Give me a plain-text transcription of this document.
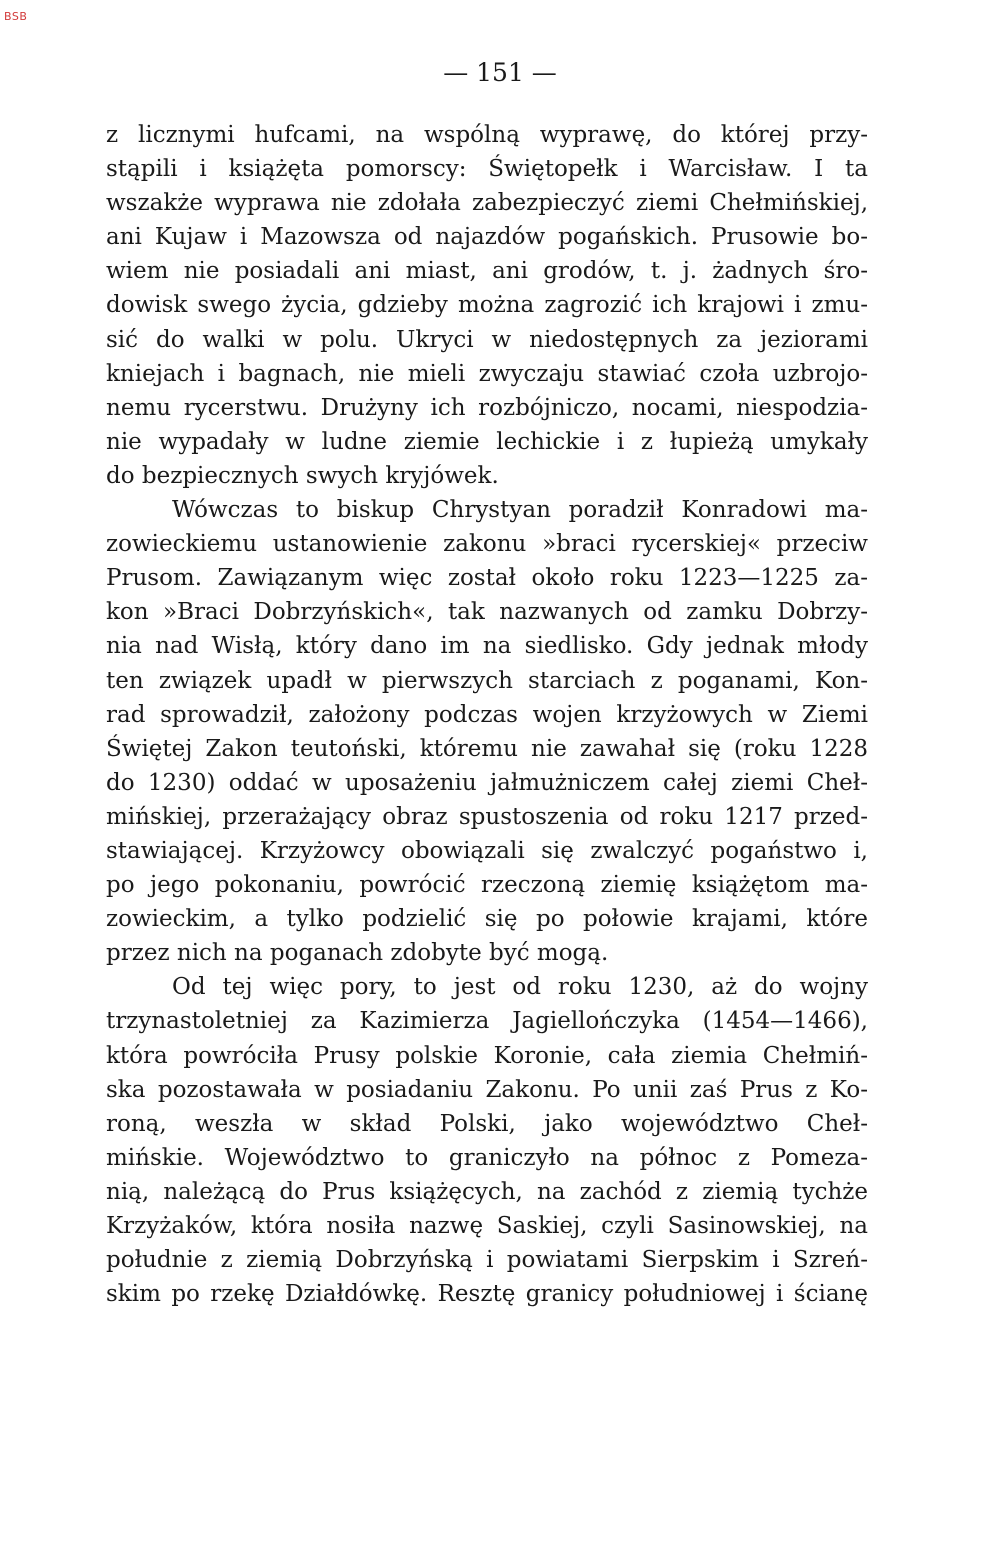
BSB
— 151 —
z licznymi hufcami, na wspólną wyprawę, do której przy-
stąpili i książęta pomorscy: Świętopełk i Warcisław. I ta
wszakże wyprawa nie zdołała zabezpieczyć ziemi Chełmińskiej,
ani Kujaw i Mazowsza od najazdów pogańskich. Prusowie bo-
wiem nie posiadali ani miast, ani grodów, t. j. żadnych śro-
dowisk swego życia, gdzieby można zagrozić ich krajowi i zmu-
sić do walki w polu. Ukryci w niedostępnych za jeziorami
kniejach i bagnach, nie mieli zwyczaju stawiać czoła uzbrojo-
nemu rycerstwu. Drużyny ich rozbójniczo, nocami, niespodzia-
nie wypadały w ludne ziemie lechickie i z łupieżą umykały
do bezpiecznych swych kryjówek.
Wówczas to biskup Chrystyan poradził Konradowi ma-
zowieckiemu ustanowienie zakonu »braci rycerskiej« przeciw
Prusom. Zawiązanym więc został około roku 1223—1225 za-
kon »Braci Dobrzyńskich«, tak nazwanych od zamku Dobrzy-
nia nad Wisłą, który dano im na siedlisko. Gdy jednak młody
ten związek upadł w pierwszych starciach z poganami, Kon-
rad sprowadził, założony podczas wojen krzyżowych w Ziemi
Świętej Zakon teutoński, któremu nie zawahał się (roku 1228
do 1230) oddać w uposażeniu jałmużniczem całej ziemi Cheł-
mińskiej, przerażający obraz spustoszenia od roku 1217 przed-
stawiającej. Krzyżowcy obowiązali się zwalczyć pogaństwo i,
po jego pokonaniu, powrócić rzeczoną ziemię książętom ma-
zowieckim, a tylko podzielić się po połowie krajami, które
przez nich na poganach zdobyte być mogą.
Od tej więc pory, to jest od roku 1230, aż do wojny
trzynastoletniej za Kazimierza Jagiellończyka (1454—1466),
która powróciła Prusy polskie Koronie, cała ziemia Chełmiń-
ska pozostawała w posiadaniu Zakonu. Po unii zaś Prus z Ko-
roną, weszła w skład Polski, jako województwo Cheł-
mińskie. Województwo to graniczyło na północ z Pomeza-
nią, należącą do Prus książęcych, na zachód z ziemią tychże
Krzyżaków, która nosiła nazwę Saskiej, czyli Sasinowskiej, na
południe z ziemią Dobrzyńską i powiatami Sierpskim i Szreń-
skim po rzekę Działdówkę. Resztę granicy południowej i ścianę
